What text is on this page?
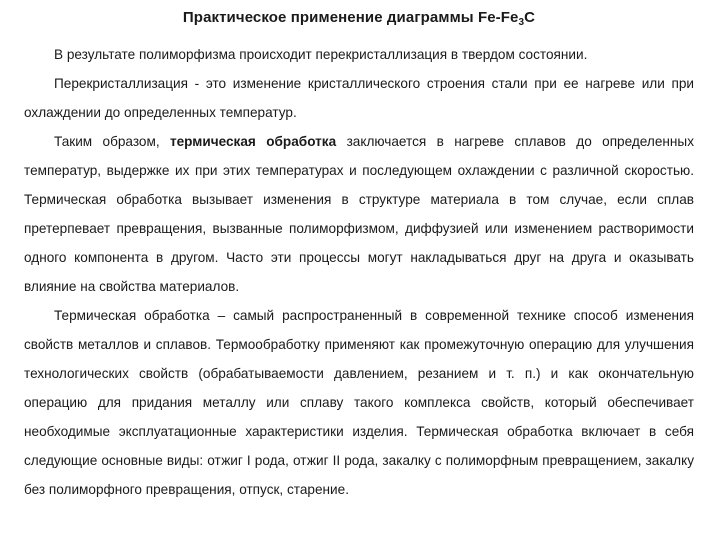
Практическое применение диаграммы $Fe-Fe_3C$

В результате полиморфизма происходит перекристаллизация в твердом состоянии.

Перекристаллизация - это изменение кристаллического строения стали при ее нагреве или при охлаждении до определенных температур.

Таким образом, термическая обработка заключается в нагреве сплавов до определенных температур, выдержке их при этих температурах и последующем охлаждении с различной скоростью. Термическая обработка вызывает изменения в структуре материала в том случае, если сплав претерпевает превращения, вызванные полиморфизмом, диффузией или изменением растворимости одного компонента в другом. Часто эти процессы могут накладываться друг на друга и оказывать влияние на свойства материалов.

Термическая обработка – самый распространенный в современной технике способ изменения свойств металлов и сплавов. Термообработку применяют как промежуточную операцию для улучшения технологических свойств (обрабатываемости давлением, резанием и т. п.) и как окончательную операцию для придания металлу или сплаву такого комплекса свойств, который обеспечивает необходимые эксплуатационные характеристики изделия. Термическая обработка включает в себя следующие основные виды: отжиг I рода, отжиг II рода, закалку с полиморфным превращением, закалку без полиморфного превращения, отпуск, старение.
